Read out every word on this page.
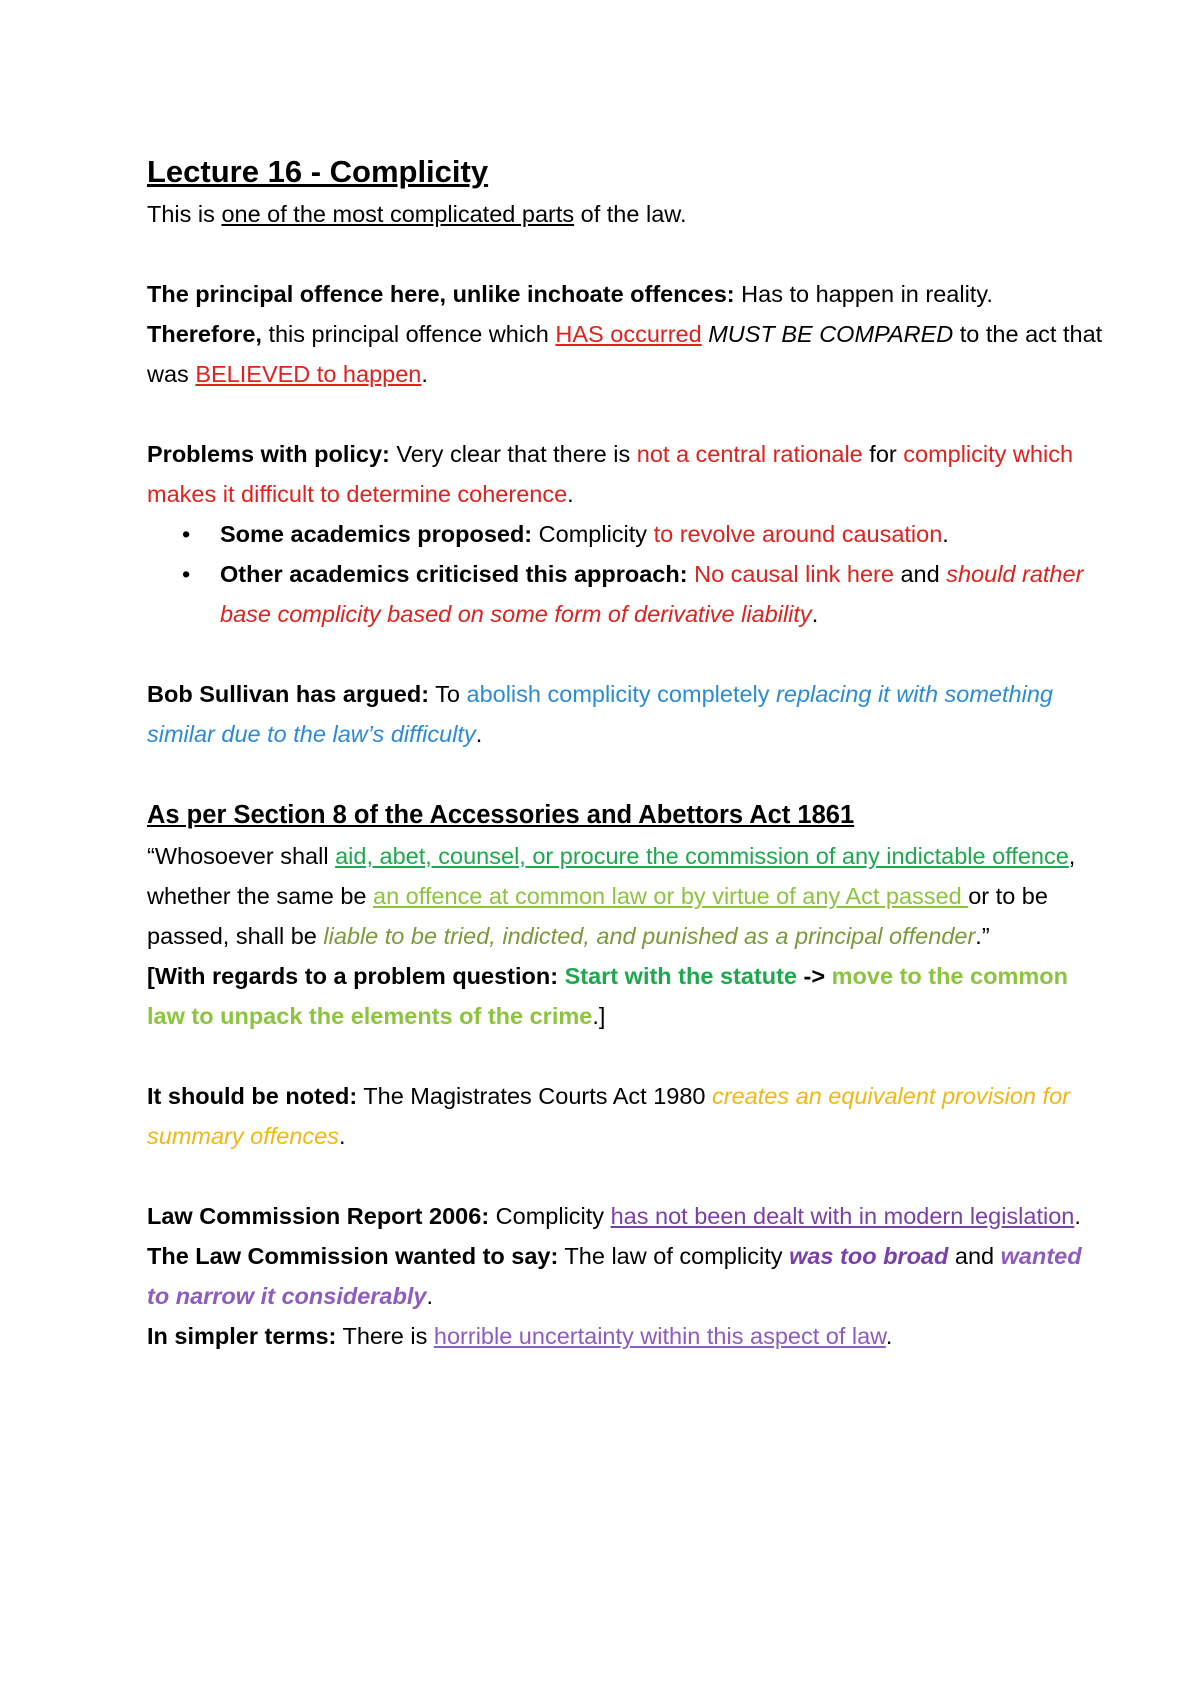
Lecture 16 - Complicity

This is one of the most complicated parts of the law.

The principal offence here, unlike inchoate offences: Has to happen in reality.

Therefore, this principal offence which HAS occurred MUST BE COMPARED to the act that was BELIEVED to happen.

Problems with policy: Very clear that there is not a central rationale for complicity which makes it difficult to determine coherence.

• Some academics proposed: Complicity to revolve around causation.
• Other academics criticised this approach: No causal link here and should rather base complicity based on some form of derivative liability.

Bob Sullivan has argued: To abolish complicity completely replacing it with something similar due to the law’s difficulty.

As per Section 8 of the Accessories and Abettors Act 1861

“Whosoever shall aid, abet, counsel, or procure the commission of any indictable offence, whether the same be an offence at common law or by virtue of any Act passed or to be passed, shall be liable to be tried, indicted, and punished as a principal offender.”

[With regards to a problem question: Start with the statute -> move to the common law to unpack the elements of the crime.]

It should be noted: The Magistrates Courts Act 1980 creates an equivalent provision for summary offences.

Law Commission Report 2006: Complicity has not been dealt with in modern legislation.

The Law Commission wanted to say: The law of complicity was too broad and wanted to narrow it considerably.

In simpler terms: There is horrible uncertainty within this aspect of law.
